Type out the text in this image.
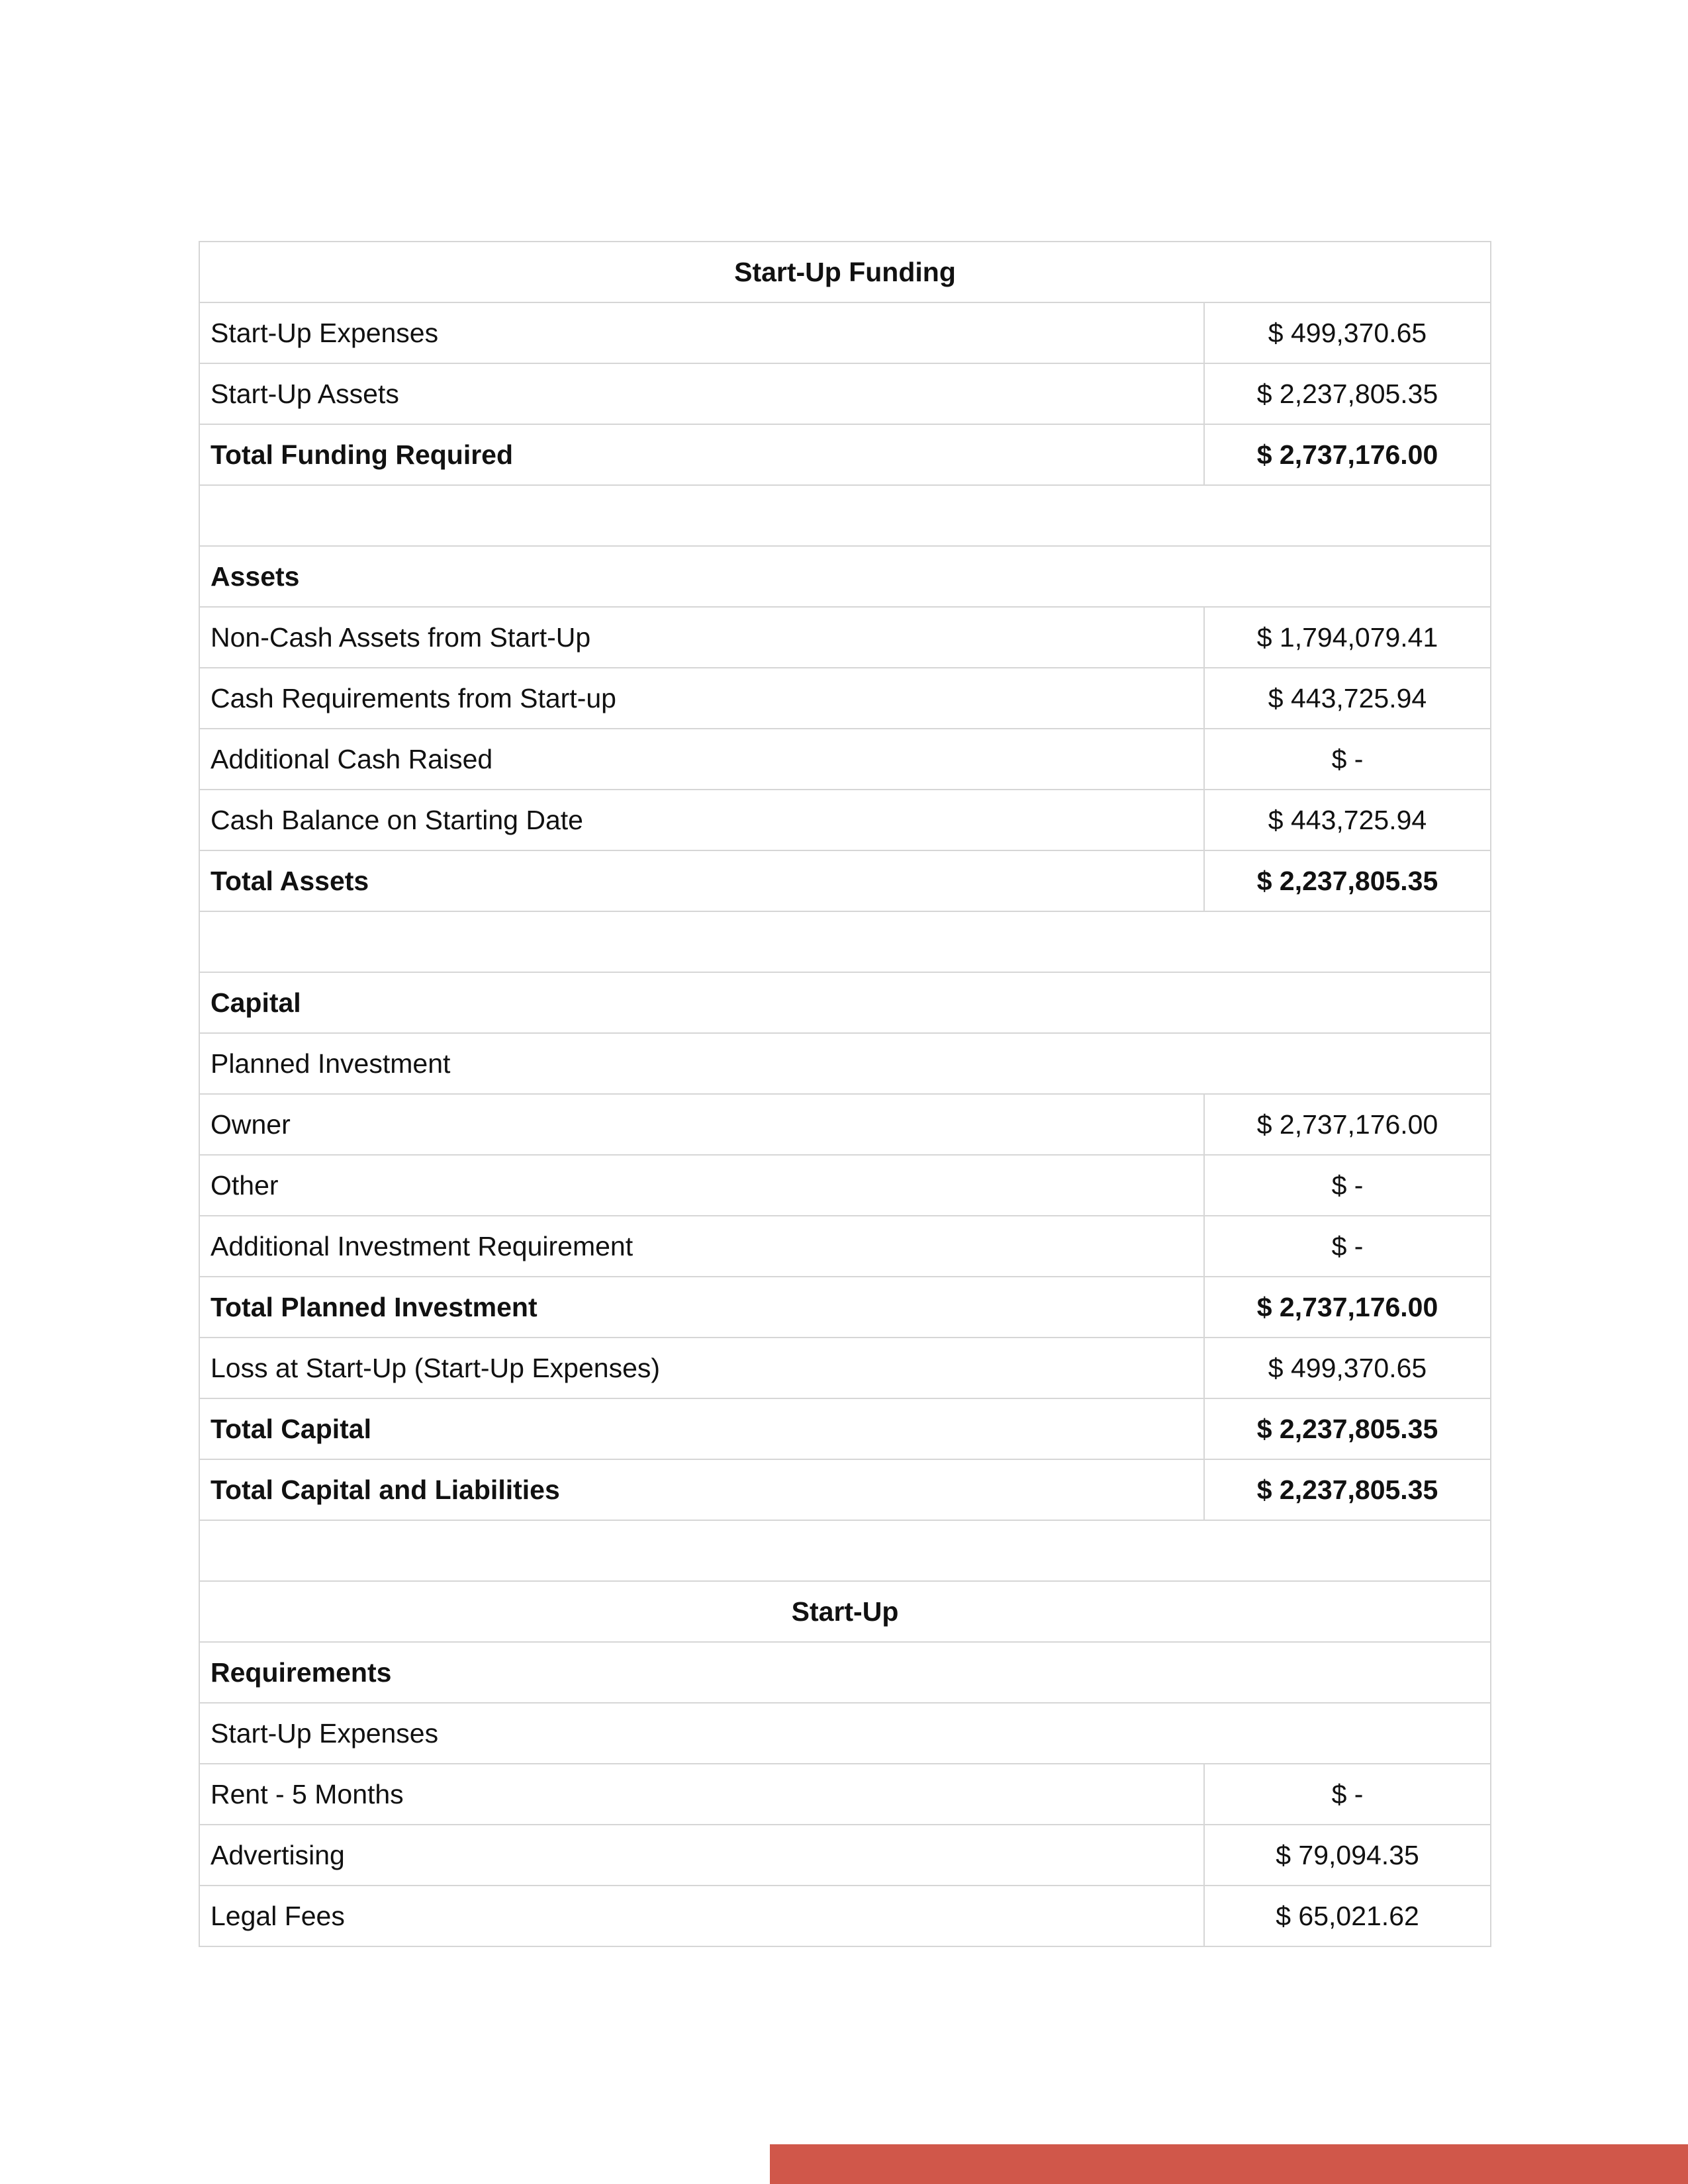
Start-Up Funding	
Start-Up Expenses	$ 499,370.65
Start-Up Assets	$ 2,237,805.35
Total Funding Required	$ 2,737,176.00

Assets	
Non-Cash Assets from Start-Up	$ 1,794,079.41
Cash Requirements from Start-up	$ 443,725.94
Additional Cash Raised	$ -
Cash Balance on Starting Date	$ 443,725.94
Total Assets	$ 2,237,805.35

Capital	
Planned Investment	
Owner	$ 2,737,176.00
Other	$ -
Additional Investment Requirement	$ -
Total Planned Investment	$ 2,737,176.00
Loss at Start-Up (Start-Up Expenses)	$ 499,370.65
Total Capital	$ 2,237,805.35
Total Capital and Liabilities	$ 2,237,805.35

Start-Up	
Requirements	
Start-Up Expenses	
Rent - 5 Months	$ -
Advertising	$ 79,094.35
Legal Fees	$ 65,021.62
